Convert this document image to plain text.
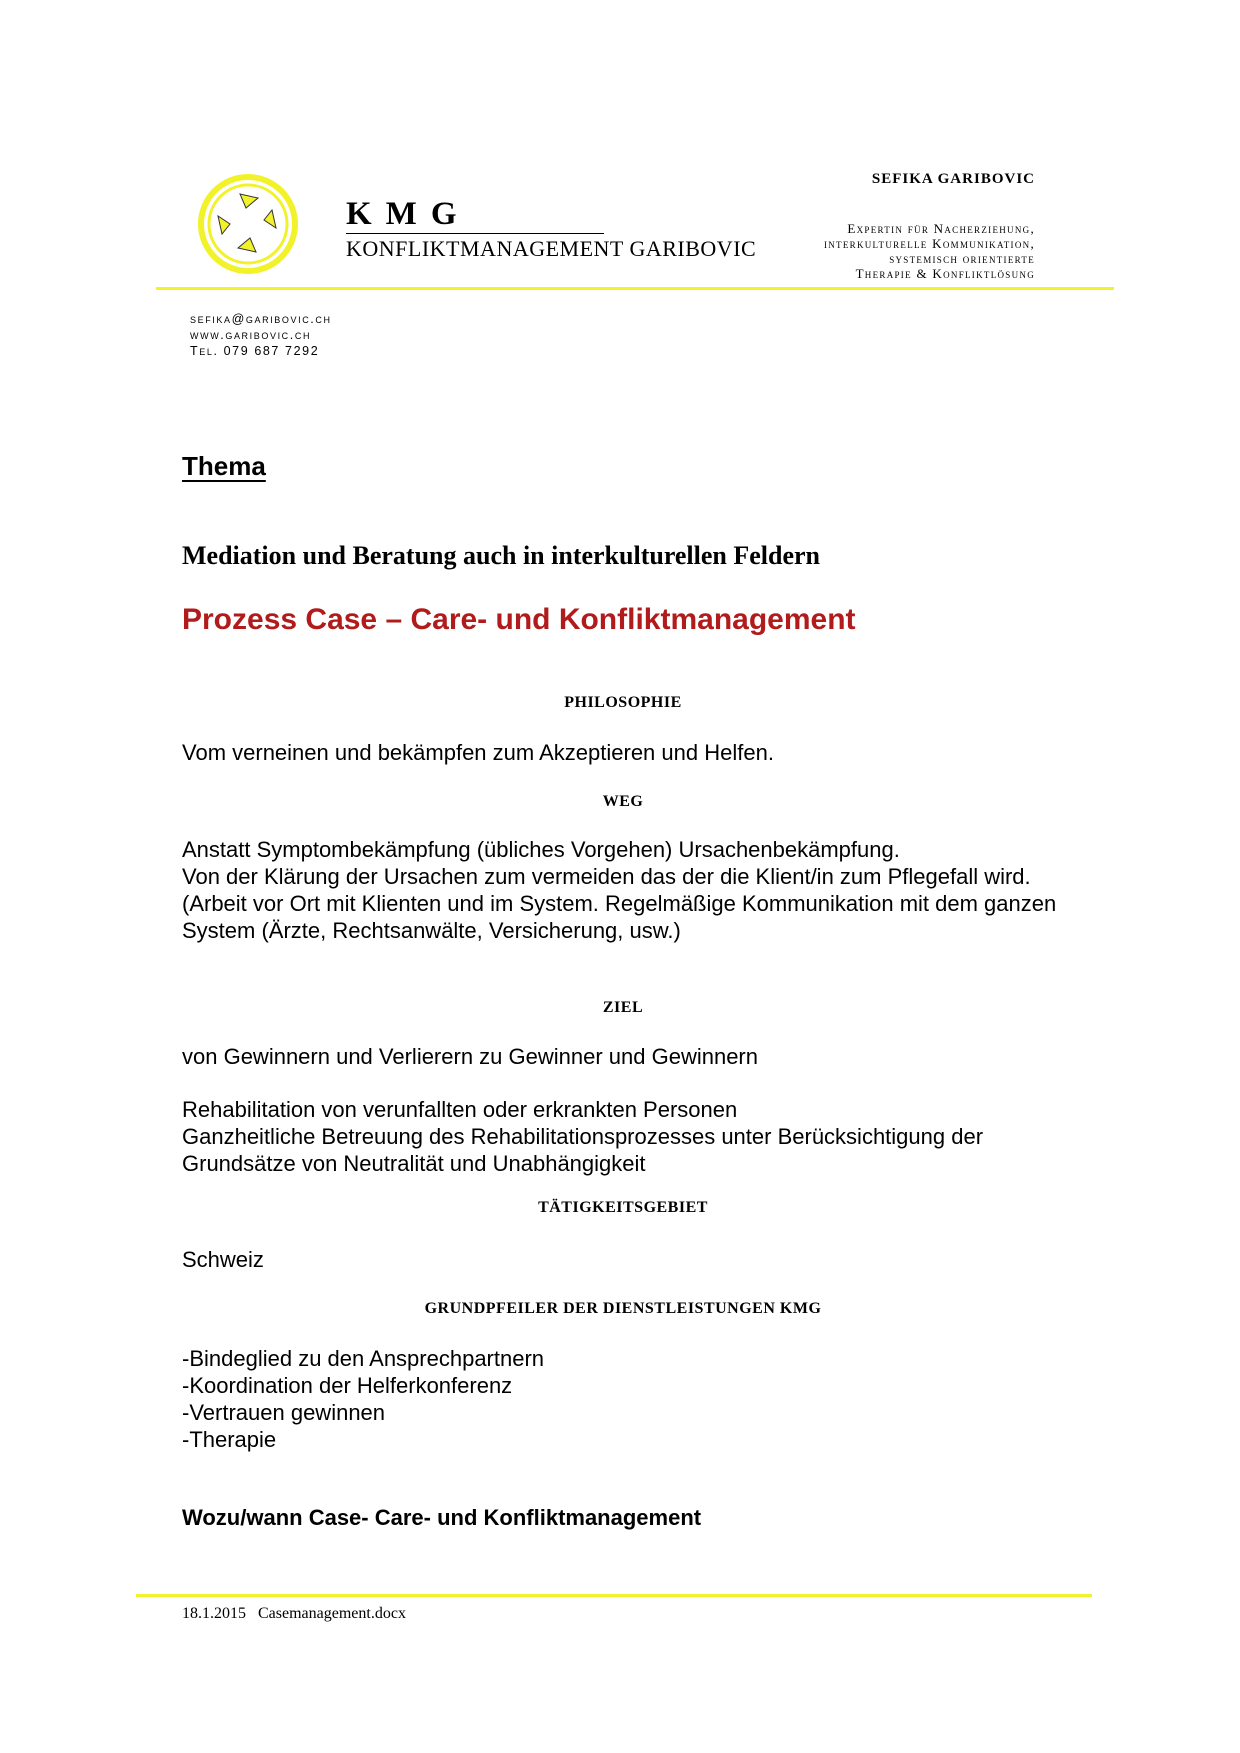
KMG
KONFLIKTMANAGEMENT GARIBOVIC
SEFIKA GARIBOVIC
Expertin für Nacherziehung,
interkulturelle Kommunikation,
systemisch orientierte
Therapie & Konfliktlösung
sefika@garibovic.ch
www.garibovic.ch
Tel. 079 687 7292
Thema
Mediation und Beratung auch in interkulturellen Feldern
Prozess Case – Care- und Konfliktmanagement
PHILOSOPHIE
Vom verneinen und bekämpfen zum Akzeptieren und Helfen.
WEG
Anstatt Symptombekämpfung (übliches Vorgehen) Ursachenbekämpfung.
Von der Klärung der Ursachen zum vermeiden das der die Klient/in zum Pflegefall wird.
(Arbeit vor Ort mit Klienten und im System. Regelmäßige Kommunikation mit dem ganzen System (Ärzte, Rechtsanwälte, Versicherung, usw.)
ZIEL
von Gewinnern und Verlierern zu Gewinner und Gewinnern
Rehabilitation von verunfallten oder erkrankten Personen
Ganzheitliche Betreuung des Rehabilitationsprozesses unter Berücksichtigung der Grundsätze von Neutralität und Unabhängigkeit
TÄTIGKEITSGEBIET
Schweiz
GRUNDPFEILER DER DIENSTLEISTUNGEN KMG
-Bindeglied zu den Ansprechpartnern
-Koordination der Helferkonferenz
-Vertrauen gewinnen
-Therapie
Wozu/wann Case- Care- und Konfliktmanagement
18.1.2015 Casemanagement.docx
